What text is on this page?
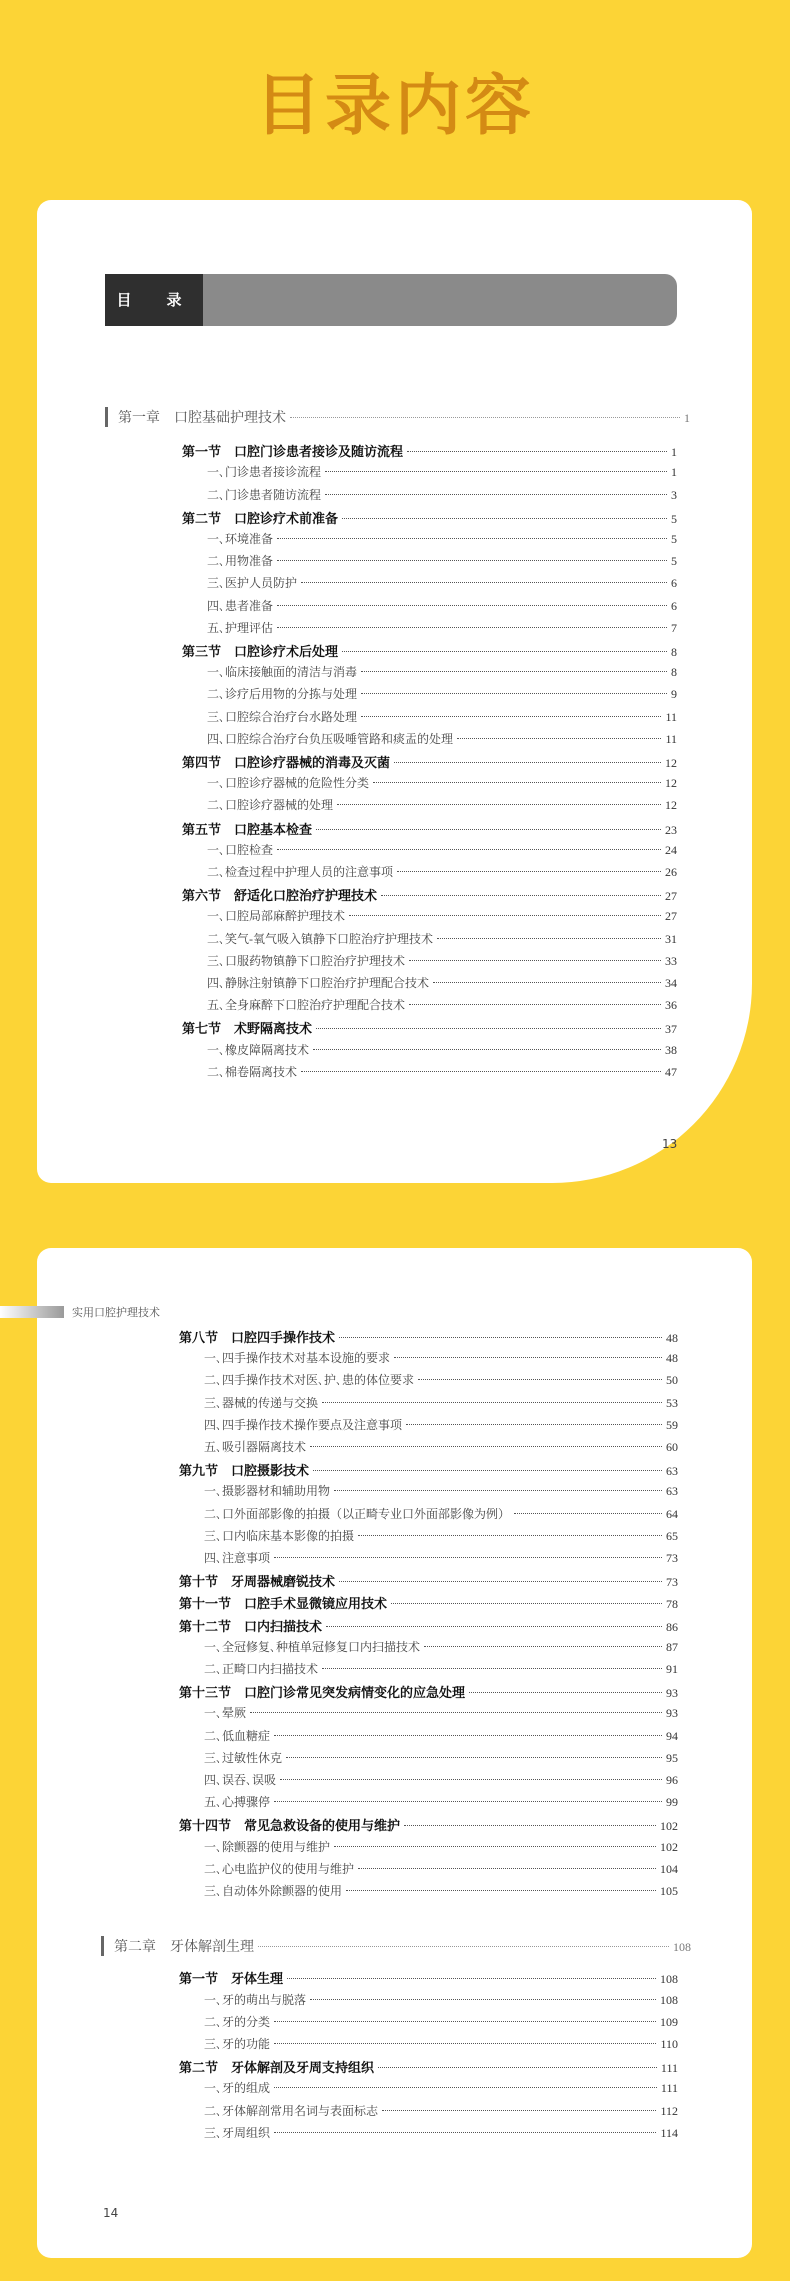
目录内容
目　录
第一章　口腔基础护理技术	1
第一节　口腔门诊患者接诊及随访流程	1
一､门诊患者接诊流程	1
二､门诊患者随访流程	3
第二节　口腔诊疗术前准备	5
一､环境准备	5
二､用物准备	5
三､医护人员防护	6
四､患者准备	6
五､护理评估	7
第三节　口腔诊疗术后处理	8
一､临床接触面的清洁与消毒	8
二､诊疗后用物的分拣与处理	9
三､口腔综合治疗台水路处理	11
四､口腔综合治疗台负压吸唾管路和痰盂的处理	11
第四节　口腔诊疗器械的消毒及灭菌	12
一､口腔诊疗器械的危险性分类	12
二､口腔诊疗器械的处理	12
第五节　口腔基本检查	23
一､口腔检查	24
二､检查过程中护理人员的注意事项	26
第六节　舒适化口腔治疗护理技术	27
一､口腔局部麻醉护理技术	27
二､笑气-氧气吸入镇静下口腔治疗护理技术	31
三､口服药物镇静下口腔治疗护理技术	33
四､静脉注射镇静下口腔治疗护理配合技术	34
五､全身麻醉下口腔治疗护理配合技术	36
第七节　术野隔离技术	37
一､橡皮障隔离技术	38
二､棉卷隔离技术	47
13
实用口腔护理技术
第八节　口腔四手操作技术	48
一､四手操作技术对基本设施的要求	48
二､四手操作技术对医､护､患的体位要求	50
三､器械的传递与交换	53
四､四手操作技术操作要点及注意事项	59
五､吸引器隔离技术	60
第九节　口腔摄影技术	63
一､摄影器材和辅助用物	63
二､口外面部影像的拍摄（以正畸专业口外面部影像为例）	64
三､口内临床基本影像的拍摄	65
四､注意事项	73
第十节　牙周器械磨锐技术	73
第十一节　口腔手术显微镜应用技术	78
第十二节　口内扫描技术	86
一､全冠修复､种植单冠修复口内扫描技术	87
二､正畸口内扫描技术	91
第十三节　口腔门诊常见突发病情变化的应急处理	93
一､晕厥	93
二､低血糖症	94
三､过敏性休克	95
四､误吞､误吸	96
五､心搏骤停	99
第十四节　常见急救设备的使用与维护	102
一､除颤器的使用与维护	102
二､心电监护仪的使用与维护	104
三､自动体外除颤器的使用	105
第二章　牙体解剖生理	108
第一节　牙体生理	108
一､牙的萌出与脱落	108
二､牙的分类	109
三､牙的功能	110
第二节　牙体解剖及牙周支持组织	111
一､牙的组成	111
二､牙体解剖常用名词与表面标志	112
三､牙周组织	114
14
